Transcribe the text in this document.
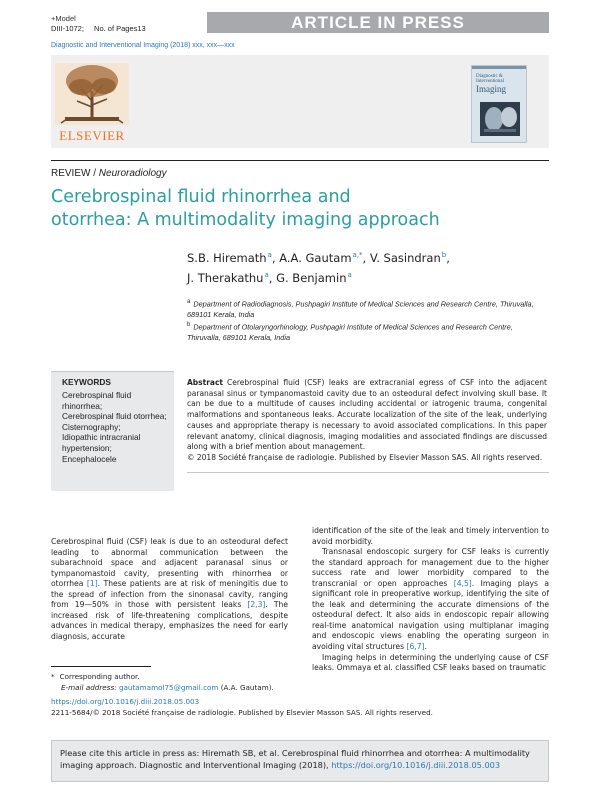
+Model
DIII-1072; No. of Pages13	ARTICLE IN PRESS
Diagnostic and Interventional Imaging (2018) xxx, xxx—xxx
ELSEVIER
Diagnostic & Interventional
Imaging
REVIEW / Neuroradiology
Cerebrospinal fluid rhinorrhea and
otorrhea: A multimodality imaging approach
S.B. Hiremath$^a$, A.A. Gautam$^{a,*}$, V. Sasindran$^b$,
J. Therakathu$^a$, G. Benjamin$^a$
$^a$ Department of Radiodiagnosis, Pushpagiri Institute of Medical Sciences and Research Centre, Thiruvalla, 689101 Kerala, India
$^b$ Department of Otolaryngorhinology, Pushpagiri Institute of Medical Sciences and Research Centre, Thiruvalla, 689101 Kerala, India
KEYWORDS
Cerebrospinal fluid rhinorrhea;
Cerebrospinal fluid otorrhea;
Cisternography;
Idiopathic intracranial hypertension;
Encephalocele
Abstract Cerebrospinal fluid (CSF) leaks are extracranial egress of CSF into the adjacent paranasal sinus or tympanomastoid cavity due to an osteodural defect involving skull base. It can be due to a multitude of causes including accidental or iatrogenic trauma, congenital malformations and spontaneous leaks. Accurate localization of the site of the leak, underlying causes and appropriate therapy is necessary to avoid associated complications. In this paper relevant anatomy, clinical diagnosis, imaging modalities and associated findings are discussed along with a brief mention about management.
© 2018 Société française de radiologie. Published by Elsevier Masson SAS. All rights reserved.

Cerebrospinal fluid (CSF) leak is due to an osteodural defect leading to abnormal communication between the subarachnoid space and adjacent paranasal sinus or tympanomastoid cavity, presenting with rhinorrhea or otorrhea [1]. These patients are at risk of meningitis due to the spread of infection from the sinonasal cavity, ranging from 19—50% in those with persistent leaks [2,3]. The increased risk of life-threatening complications, despite advances in medical therapy, emphasizes the need for early diagnosis, accurate

identification of the site of the leak and timely intervention to avoid morbidity.

Transnasal endoscopic surgery for CSF leaks is currently the standard approach for management due to the higher success rate and lower morbidity compared to the transcranial or open approaches [4,5]. Imaging plays a significant role in preoperative workup, identifying the site of the leak and determining the accurate dimensions of the osteodural defect. It also aids in endoscopic repair allowing real-time anatomical navigation using multiplanar imaging and endoscopic views enabling the operating surgeon in avoiding vital structures [6,7].

Imaging helps in determining the underlying cause of CSF leaks. Ommaya et al. classified CSF leaks based on traumatic

* Corresponding author.
E-mail address: gautamamol75@gmail.com (A.A. Gautam).
https://doi.org/10.1016/j.diii.2018.05.003
2211-5684/© 2018 Société française de radiologie. Published by Elsevier Masson SAS. All rights reserved.
Please cite this article in press as: Hiremath SB, et al. Cerebrospinal fluid rhinorrhea and otorrhea: A multimodality imaging approach. Diagnostic and Interventional Imaging (2018), https://doi.org/10.1016/j.diii.2018.05.003
